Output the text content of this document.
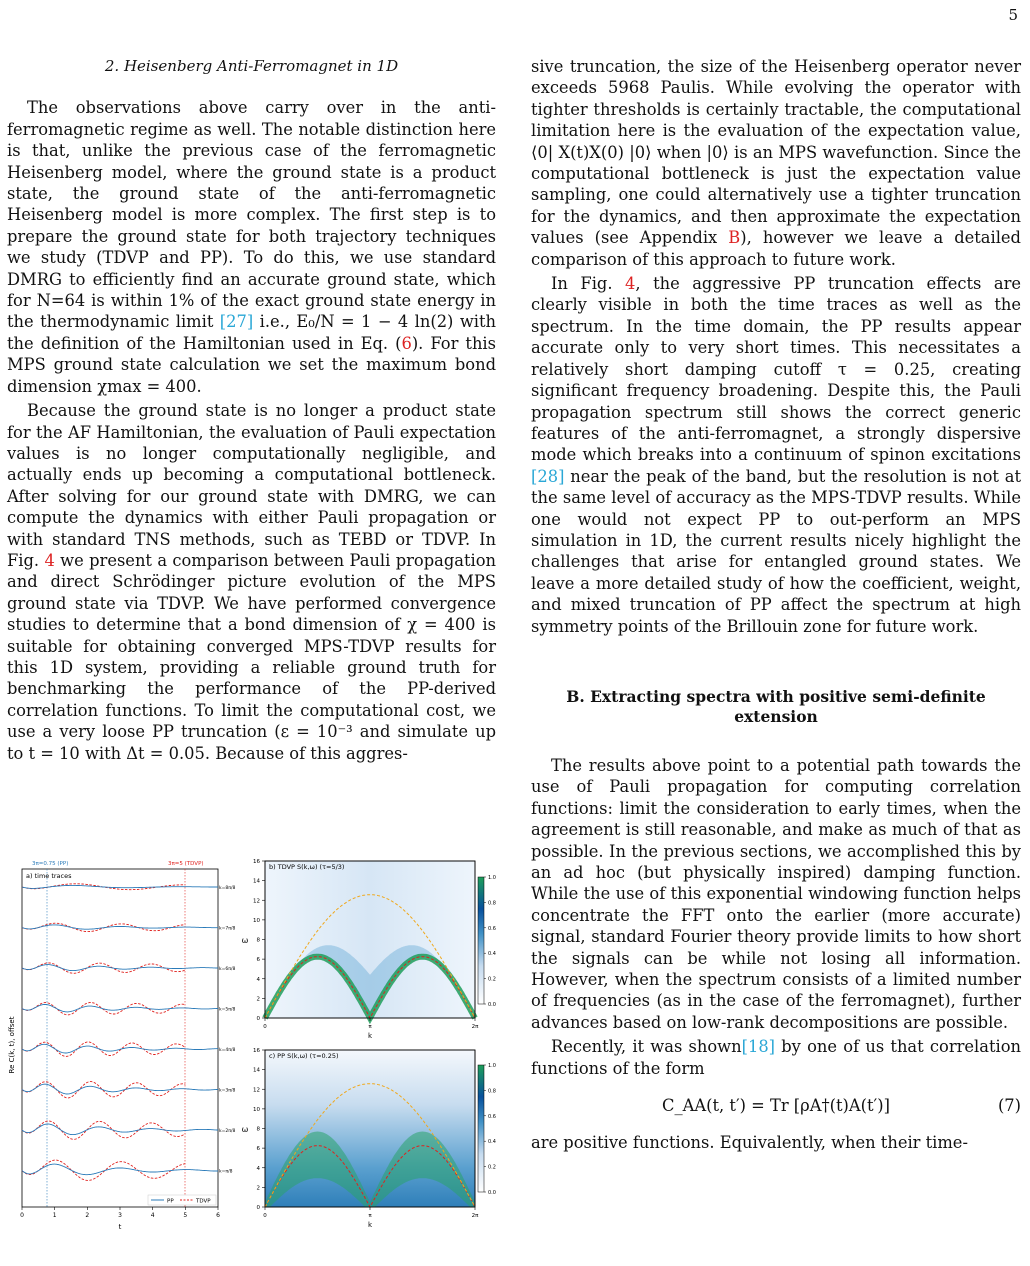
5

2. Heisenberg Anti-Ferromagnet in 1D

The observations above carry over in the anti-ferromagnetic regime as well. The notable distinction here is that, unlike the previous case of the ferromagnetic Heisenberg model, where the ground state is a product state, the ground state of the anti-ferromagnetic Heisenberg model is more complex. The first step is to prepare the ground state for both trajectory techniques we study (TDVP and PP). To do this, we use standard DMRG to efficiently find an accurate ground state, which for N=64 is within 1% of the exact ground state energy in the thermodynamic limit [27] i.e., E₀/N = 1 − 4 ln(2) with the definition of the Hamiltonian used in Eq. (6). For this MPS ground state calculation we set the maximum bond dimension χmax = 400.

Because the ground state is no longer a product state for the AF Hamiltonian, the evaluation of Pauli expectation values is no longer computationally negligible, and actually ends up becoming a computational bottleneck. After solving for our ground state with DMRG, we can compute the dynamics with either Pauli propagation or with standard TNS methods, such as TEBD or TDVP. In Fig. 4 we present a comparison between Pauli propagation and direct Schrödinger picture evolution of the MPS ground state via TDVP. We have performed convergence studies to determine that a bond dimension of χ = 400 is suitable for obtaining converged MPS-TDVP results for this 1D system, providing a reliable ground truth for benchmarking the performance of the PP-derived correlation functions. To limit the computational cost, we use a very loose PP truncation (ε = 10⁻³ and simulate up to t = 10 with Δt = 0.05. Because of this aggres-

sive truncation, the size of the Heisenberg operator never exceeds 5968 Paulis. While evolving the operator with tighter thresholds is certainly tractable, the computational limitation here is the evaluation of the expectation value, ⟨0| X(t)X(0) |0⟩ when |0⟩ is an MPS wavefunction. Since the computational bottleneck is just the expectation value sampling, one could alternatively use a tighter truncation for the dynamics, and then approximate the expectation values (see Appendix B), however we leave a detailed comparison of this approach to future work.

In Fig. 4, the aggressive PP truncation effects are clearly visible in both the time traces as well as the spectrum. In the time domain, the PP results appear accurate only to very short times. This necessitates a relatively short damping cutoff τ = 0.25, creating significant frequency broadening. Despite this, the Pauli propagation spectrum still shows the correct generic features of the anti-ferromagnet, a strongly dispersive mode which breaks into a continuum of spinon excitations [28] near the peak of the band, but the resolution is not at the same level of accuracy as the MPS-TDVP results. While one would not expect PP to out-perform an MPS simulation in 1D, the current results nicely highlight the challenges that arise for entangled ground states. We leave a more detailed study of how the coefficient, weight, and mixed truncation of PP affect the spectrum at high symmetry points of the Brillouin zone for future work.

B. Extracting spectra with positive semi-definite extension

The results above point to a potential path towards the use of Pauli propagation for computing correlation functions: limit the consideration to early times, when the agreement is still reasonable, and make as much of that as possible. In the previous sections, we accomplished this by an ad hoc (but physically inspired) damping function. While the use of this exponential windowing function helps concentrate the FFT onto the earlier (more accurate) signal, standard Fourier theory provide limits to how short the signals can be while not losing all information. However, when the spectrum consists of a limited number of frequencies (as in the case of the ferromagnet), further advances based on low-rank decompositions are possible.

Recently, it was shown[18] by one of us that correlation functions of the form

C_AA(t, t′) = Tr [ρA†(t)A(t′)]	(7)

are positive functions. Equivalently, when their time-

3π=0.75 (PP)	3π=5 (TDVP)
a) time traces
k=8π/8
k=7π/8
k=6π/8
k=5π/8
k=4π/8
k=3π/8
k=2π/8
k=π/8
0	1	2	3	4	5	6
t
Re C(k, t), offset
PP	TDVP
b) TDVP S(k,ω) (τ=5/3)
0
2
4
6
8
10
12
14
16
0	π	2π
k
ω
0.0
0.2
0.4
0.6
0.8
1.0
c) PP S(k,ω) (τ=0.25)
0
2
4
6
8
10
12
14
16
0	π	2π
k
ω
0.0
0.2
0.4
0.6
0.8
1.0
